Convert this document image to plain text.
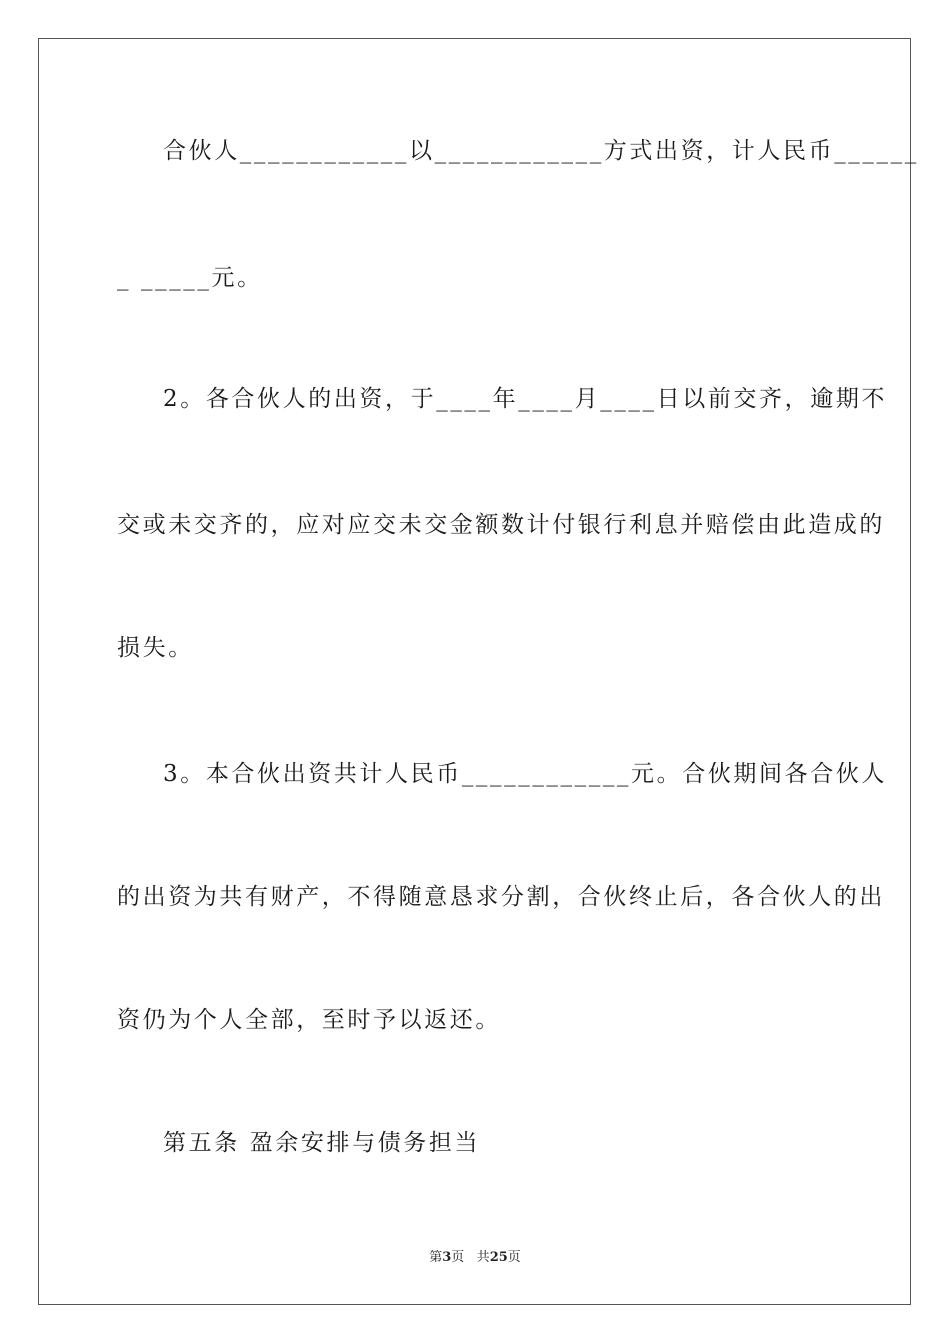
合伙人____________以____________方式出资，计人民币______
_ _____元。
2。各合伙人的出资，于____年____月____日以前交齐，逾期不
交或未交齐的，应对应交未交金额数计付银行利息并赔偿由此造成的
损失。
3。本合伙出资共计人民币____________元。合伙期间各合伙人
的出资为共有财产，不得随意恳求分割，合伙终止后，各合伙人的出
资仍为个人全部，至时予以返还。
第五条 盈余安排与债务担当
第3页 共25页
